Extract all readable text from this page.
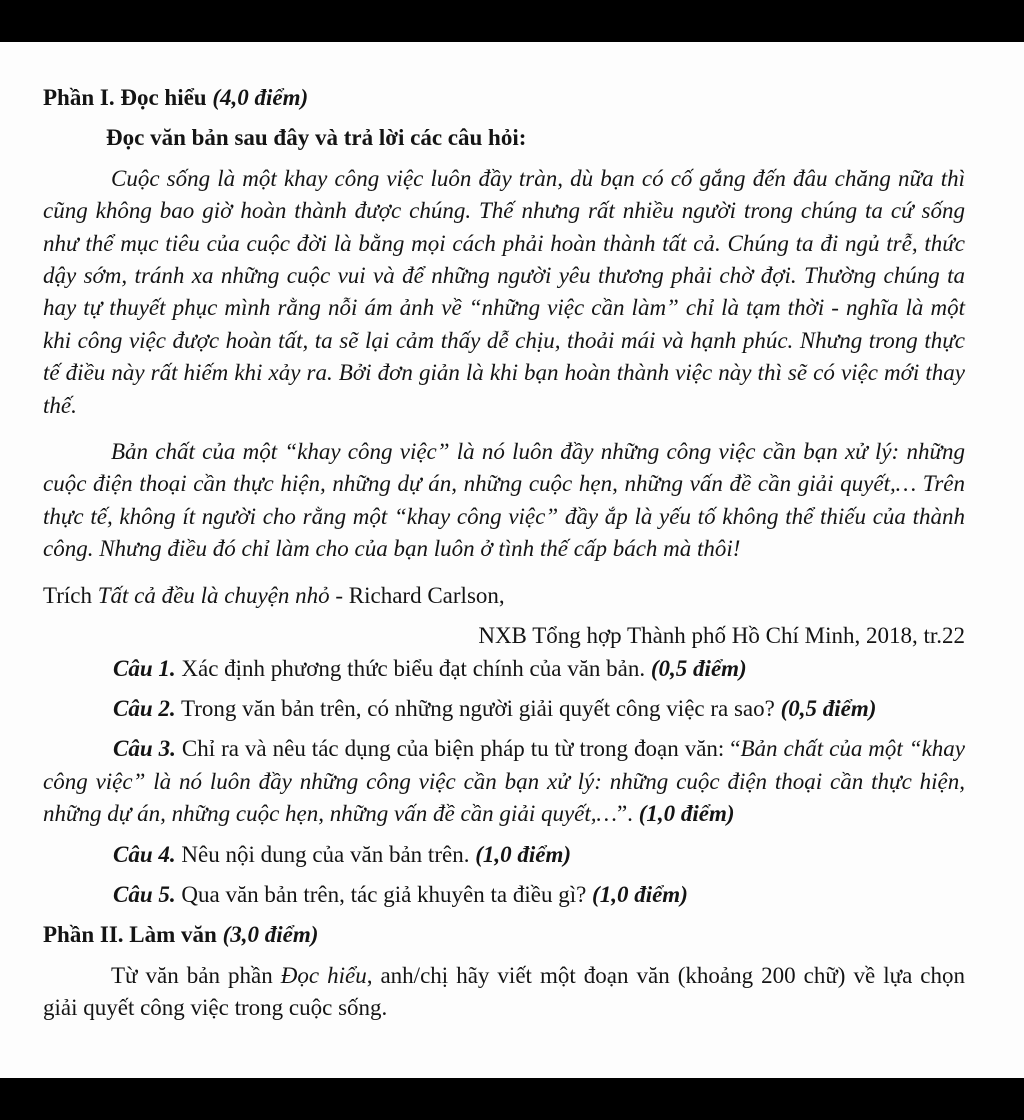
Phần I. Đọc hiểu (4,0 điểm)

Đọc văn bản sau đây và trả lời các câu hỏi:

Cuộc sống là một khay công việc luôn đầy tràn, dù bạn có cố gắng đến đâu chăng nữa thì cũng không bao giờ hoàn thành được chúng. Thế nhưng rất nhiều người trong chúng ta cứ sống như thể mục tiêu của cuộc đời là bằng mọi cách phải hoàn thành tất cả. Chúng ta đi ngủ trễ, thức dậy sớm, tránh xa những cuộc vui và để những người yêu thương phải chờ đợi. Thường chúng ta hay tự thuyết phục mình rằng nỗi ám ảnh về “những việc cần làm” chỉ là tạm thời - nghĩa là một khi công việc được hoàn tất, ta sẽ lại cảm thấy dễ chịu, thoải mái và hạnh phúc. Nhưng trong thực tế điều này rất hiếm khi xảy ra. Bởi đơn giản là khi bạn hoàn thành việc này thì sẽ có việc mới thay thế.

Bản chất của một “khay công việc” là nó luôn đầy những công việc cần bạn xử lý: những cuộc điện thoại cần thực hiện, những dự án, những cuộc hẹn, những vấn đề cần giải quyết,… Trên thực tế, không ít người cho rằng một “khay công việc” đầy ắp là yếu tố không thể thiếu của thành công. Nhưng điều đó chỉ làm cho của bạn luôn ở tình thế cấp bách mà thôi!

Trích Tất cả đều là chuyện nhỏ - Richard Carlson,

NXB Tổng hợp Thành phố Hồ Chí Minh, 2018, tr.22

Câu 1. Xác định phương thức biểu đạt chính của văn bản. (0,5 điểm)

Câu 2. Trong văn bản trên, có những người giải quyết công việc ra sao? (0,5 điểm)

Câu 3. Chỉ ra và nêu tác dụng của biện pháp tu từ trong đoạn văn: “Bản chất của một “khay công việc” là nó luôn đầy những công việc cần bạn xử lý: những cuộc điện thoại cần thực hiện, những dự án, những cuộc hẹn, những vấn đề cần giải quyết,…”. (1,0 điểm)

Câu 4. Nêu nội dung của văn bản trên. (1,0 điểm)

Câu 5. Qua văn bản trên, tác giả khuyên ta điều gì? (1,0 điểm)

Phần II. Làm văn (3,0 điểm)

Từ văn bản phần Đọc hiểu, anh/chị hãy viết một đoạn văn (khoảng 200 chữ) về lựa chọn giải quyết công việc trong cuộc sống.
